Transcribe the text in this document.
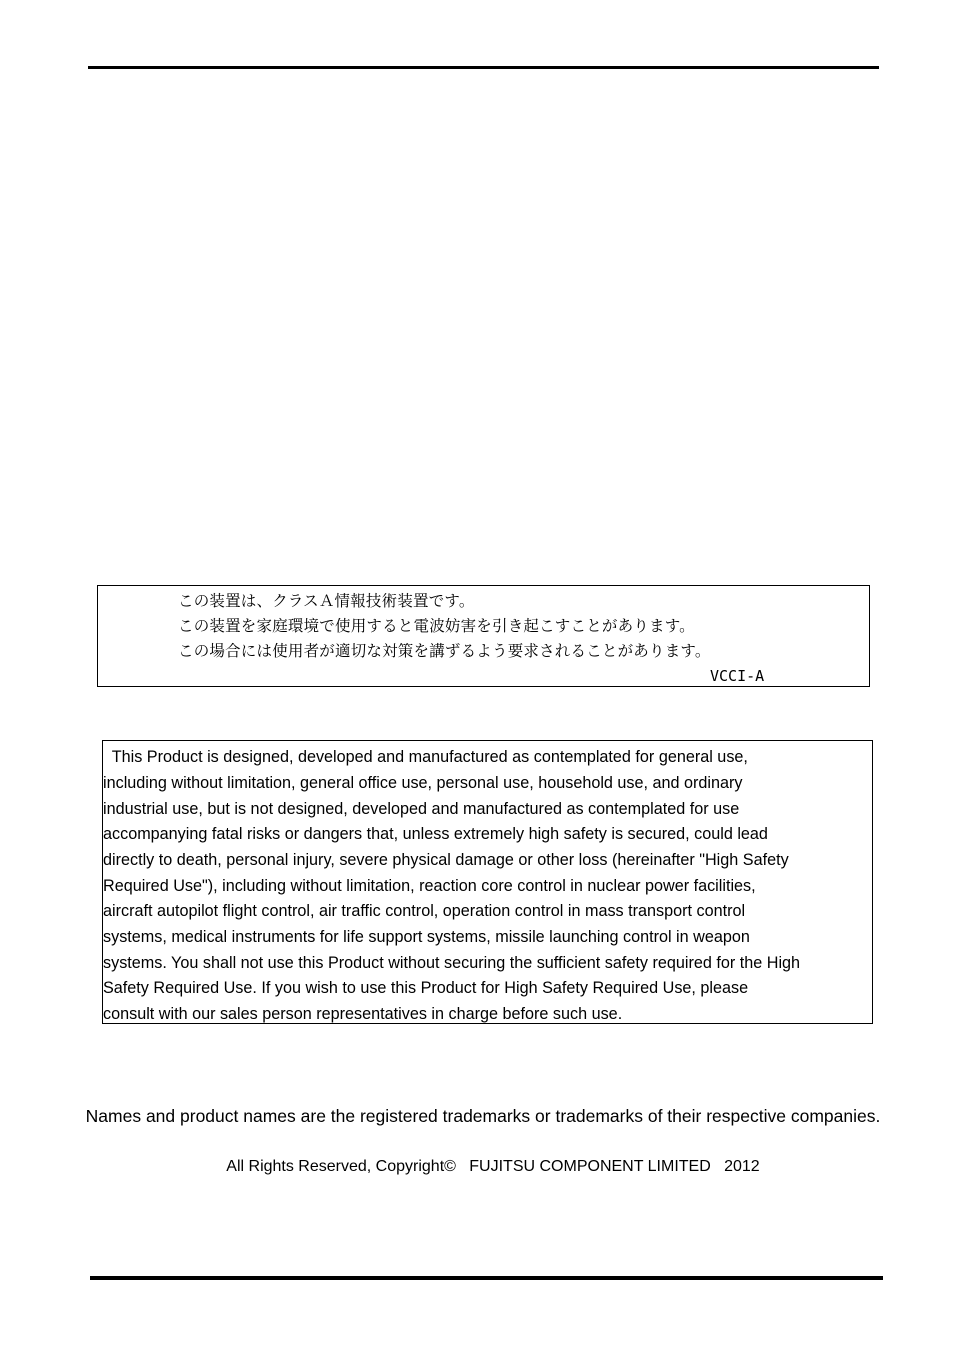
この装置は、クラスＡ情報技術装置です。
この装置を家庭環境で使用すると電波妨害を引き起こすことがあります。
この場合には使用者が適切な対策を講ずるよう要求されることがあります。
VCCI-A
This Product is designed, developed and manufactured as contemplated for general use,
including without limitation, general office use, personal use, household use, and ordinary
industrial use, but is not designed, developed and manufactured as contemplated for use
accompanying fatal risks or dangers that, unless extremely high safety is secured, could lead
directly to death, personal injury, severe physical damage or other loss (hereinafter "High Safety
Required Use"), including without limitation, reaction core control in nuclear power facilities,
aircraft autopilot flight control, air traffic control, operation control in mass transport control
systems, medical instruments for life support systems, missile launching control in weapon
systems. You shall not use this Product without securing the sufficient safety required for the High
Safety Required Use. If you wish to use this Product for High Safety Required Use, please
consult with our sales person representatives in charge before such use.
Names and product names are the registered trademarks or trademarks of their respective companies.
All Rights Reserved, Copyright©   FUJITSU COMPONENT LIMITED   2012
